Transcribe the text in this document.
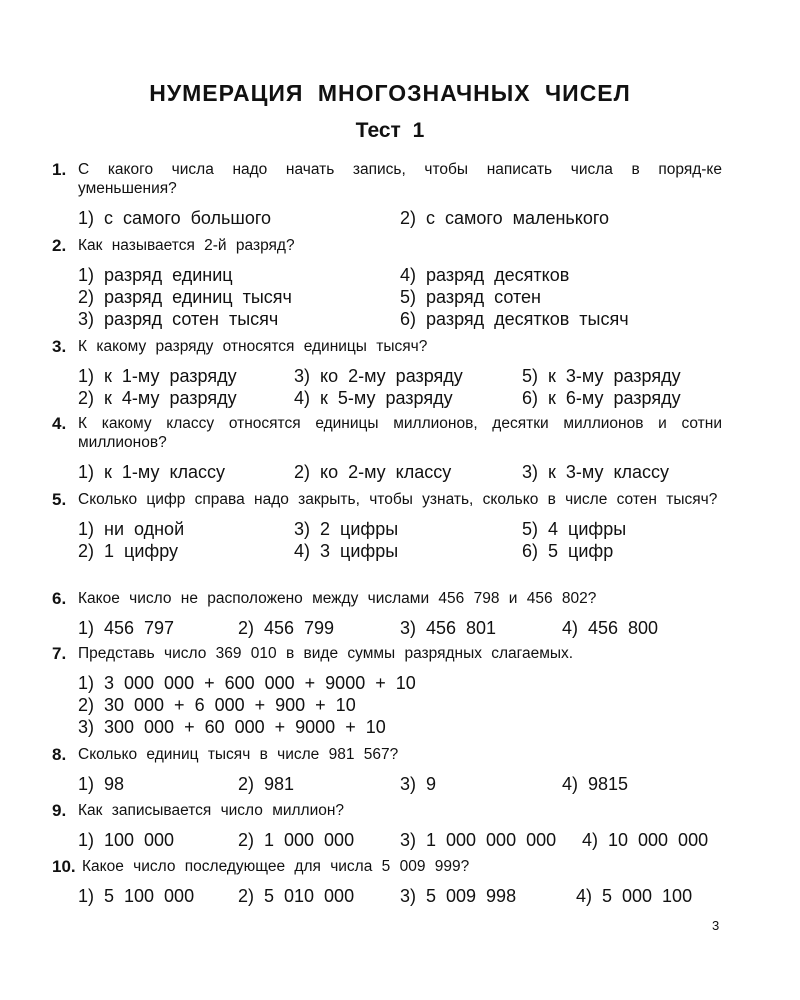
НУМЕРАЦИЯ МНОГОЗНАЧНЫХ ЧИСЕЛ
Тест 1
1. С какого числа надо начать запись, чтобы написать числа в поряд-ке уменьшения?
1) с самого большого	2) с самого маленького
2. Как называется 2-й разряд?
1) разряд единиц	4) разряд десятков
2) разряд единиц тысяч	5) разряд сотен
3) разряд сотен тысяч	6) разряд десятков тысяч
3. К какому разряду относятся единицы тысяч?
1) к 1-му разряду	3) ко 2-му разряду	5) к 3-му разряду
2) к 4-му разряду	4) к 5-му разряду	6) к 6-му разряду
4. К какому классу относятся единицы миллионов, десятки миллионов и сотни миллионов?
1) к 1-му классу	2) ко 2-му классу	3) к 3-му классу
5. Сколько цифр справа надо закрыть, чтобы узнать, сколько в числе сотен тысяч?
1) ни одной	3) 2 цифры	5) 4 цифры
2) 1 цифру	4) 3 цифры	6) 5 цифр
6. Какое число не расположено между числами 456 798 и 456 802?
1) 456 797	2) 456 799	3) 456 801	4) 456 800
7. Представь число 369 010 в виде суммы разрядных слагаемых.
1) 3 000 000 + 600 000 + 9000 + 10
2) 30 000 + 6 000 + 900 + 10
3) 300 000 + 60 000 + 9000 + 10
8. Сколько единиц тысяч в числе 981 567?
1) 98	2) 981	3) 9	4) 9815
9. Как записывается число миллион?
1) 100 000	2) 1 000 000	3) 1 000 000 000 4) 10 000 000
10. Какое число последующее для числа 5 009 999?
1) 5 100 000 2) 5 010 000	3) 5 009 998	4) 5 000 100
3
